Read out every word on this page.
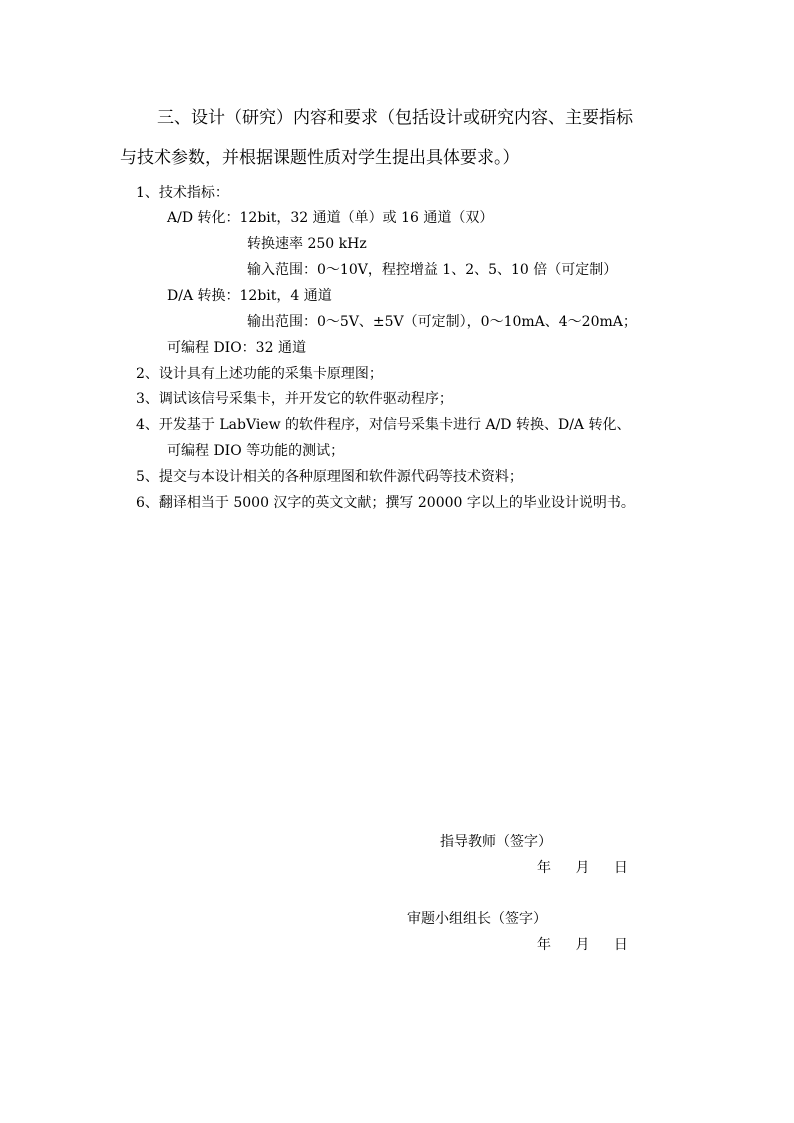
三、设计（研究）内容和要求（包括设计或研究内容、主要指标
与技术参数，并根据课题性质对学生提出具体要求。）
1、技术指标：
A/D 转化：12bit，32 通道（单）或 16 通道（双）
转换速率 250 kHz
输入范围：0～10V，程控增益 1、2、5、10 倍（可定制）
D/A 转换：12bit，4 通道
输出范围：0～5V、±5V（可定制），0～10mA、4～20mA；
可编程 DIO：32 通道
2、设计具有上述功能的采集卡原理图；
3、调试该信号采集卡，并开发它的软件驱动程序；
4、开发基于 LabView 的软件程序，对信号采集卡进行 A/D 转换、D/A 转化、
可编程 DIO 等功能的测试；
5、提交与本设计相关的各种原理图和软件源代码等技术资料；
6、翻译相当于 5000 汉字的英文文献；撰写 20000 字以上的毕业设计说明书。
指导教师（签字）
年 月 日
审题小组组长（签字）
年 月 日
